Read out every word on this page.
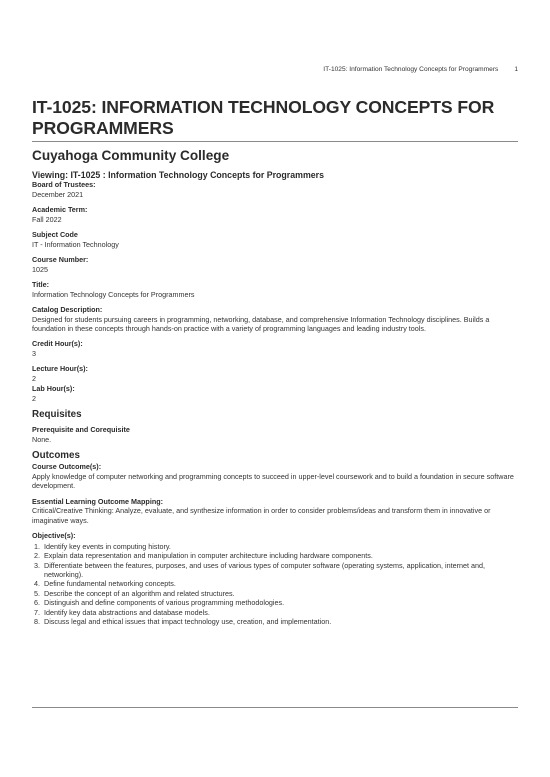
IT-1025: Information Technology Concepts for Programmers 1
IT-1025: INFORMATION TECHNOLOGY CONCEPTS FOR PROGRAMMERS
Cuyahoga Community College
Viewing: IT-1025 : Information Technology Concepts for Programmers
Board of Trustees:
December 2021
Academic Term:
Fall 2022
Subject Code
IT - Information Technology
Course Number:
1025
Title:
Information Technology Concepts for Programmers
Catalog Description:
Designed for students pursuing careers in programming, networking, database, and comprehensive Information Technology disciplines. Builds a foundation in these concepts through hands-on practice with a variety of programming languages and leading industry tools.
Credit Hour(s):
3
Lecture Hour(s):
2
Lab Hour(s):
2
Requisites
Prerequisite and Corequisite
None.
Outcomes
Course Outcome(s):
Apply knowledge of computer networking and programming concepts to succeed in upper-level coursework and to build a foundation in secure software development.
Essential Learning Outcome Mapping:
Critical/Creative Thinking: Analyze, evaluate, and synthesize information in order to consider problems/ideas and transform them in innovative or imaginative ways.
Objective(s):
1. Identify key events in computing history.
2. Explain data representation and manipulation in computer architecture including hardware components.
3. Differentiate between the features, purposes, and uses of various types of computer software (operating systems, application, internet and, networking).
4. Define fundamental networking concepts.
5. Describe the concept of an algorithm and related structures.
6. Distinguish and define components of various programming methodologies.
7. Identify key data abstractions and database models.
8. Discuss legal and ethical issues that impact technology use, creation, and implementation.
